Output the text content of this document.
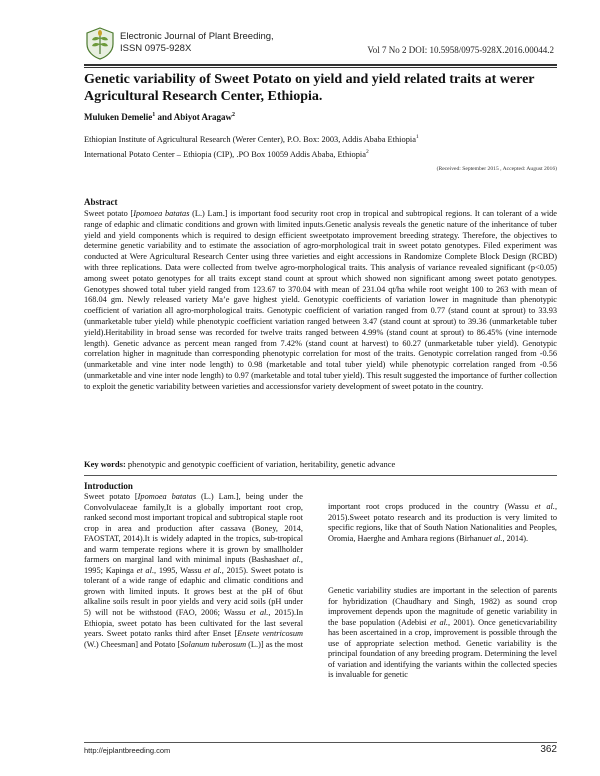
Electronic Journal of Plant Breeding,
ISSN 0975-928X	Vol 7 No 2 DOI: 10.5958/0975-928X.2016.00044.2
Genetic variability of Sweet Potato on yield and yield related traits at werer Agricultural Research Center, Ethiopia.
Muluken Demelie$^1$ and Abiyot Aragaw$^2$
Ethiopian Institute of Agricultural Research (Werer Center), P.O. Box: 2003, Addis Ababa Ethiopia$^1$
International Potato Center – Ethiopia (CIP), .PO Box 10059 Addis Ababa, Ethiopia$^2$
(Received: September 2015 , Accepted: August 2016)
Abstract

Sweet potato [Ipomoea batatas (L.) Lam.] is important food security root crop in tropical and subtropical regions. It can tolerant of a wide range of edaphic and climatic conditions and grown with limited inputs.Genetic analysis reveals the genetic nature of the inheritance of tuber yield and yield components which is required to design efficient sweetpotato improvement breeding strategy. Therefore, the objectives to determine genetic variability and to estimate the association of agro-morphological trait in sweet potato genotypes. Filed experiment was conducted at Were Agricultural Research Center using three varieties and eight accessions in Randomize Complete Block Design (RCBD) with three replications. Data were collected from twelve agro-morphological traits. This analysis of variance revealed significant (p<0.05) among sweet potato genotypes for all traits except stand count at sprout which showed non significant among sweet potato genotypes. Genotypes showed total tuber yield ranged from 123.67 to 370.04 with mean of 231.04 qt/ha while root weight 100 to 263 with mean of 168.04 gm. Newly released variety Ma’e gave highest yield. Genotypic coefficients of variation lower in magnitude than phenotypic coefficient of variation all agro-morphological traits. Genotypic coefficient of variation ranged from 0.77 (stand count at sprout) to 33.93 (unmarketable tuber yield) while phenotypic coefficient variation ranged between 3.47 (stand count at sprout) to 39.36 (unmarketable tuber yield).Heritability in broad sense was recorded for twelve traits ranged between 4.99% (stand count at sprout) to 86.45% (vine internode length). Genetic advance as percent mean ranged from 7.42% (stand count at harvest) to 60.27 (unmarketable tuber yield). Genotypic correlation higher in magnitude than corresponding phenotypic correlation for most of the traits. Genotypic correlation ranged from -0.56 (unmarketable and vine inter node length) to 0.98 (marketable and total tuber yield) while phenotypic correlation ranged from -0.56 (unmarketable and vine inter node length) to 0.97 (marketable and total tuber yield). This result suggested the importance of further collection to exploit the genetic variability between varieties and accessionsfor variety development of sweet potato in the country.

Key words: phenotypic and genotypic coefficient of variation, heritability, genetic advance
Introduction

Sweet potato [Ipomoea batatas (L.) Lam.], being under the Convolvulaceae family,It is a globally important root crop, ranked second most important tropical and subtropical staple root crop in area and production after cassava (Boney, 2014, FAOSTAT, 2014).It is widely adapted in the tropics, sub-tropical and warm temperate regions where it is grown by smallholder farmers on marginal land with minimal inputs (Bashashaet al., 1995; Kapinga et al., 1995, Wassu et al., 2015). Sweet potato is tolerant of a wide range of edaphic and climatic conditions and grown with limited inputs. It grows best at the pH of 6but alkaline soils result in poor yields and very acid soils (pH under 5) will not be withstood (FAO, 2006; Wassu et al., 2015).In Ethiopia, sweet potato has been cultivated for the last several years. Sweet potato ranks third after Enset [Ensete ventricosum (W.) Cheesman] and Potato [Solanum tuberosum (L.)] as the most

important root crops produced in the country (Wassu et al., 2015).Sweet potato research and its production is very limited to specific regions, like that of South Nation Nationalities and Peoples, Oromia, Haerghe and Amhara regions (Birhanuet al., 2014).

Genetic variability studies are important in the selection of parents for hybridization (Chaudhary and Singh, 1982) as sound crop improvement depends upon the magnitude of genetic variability in the base population (Adebisi et al., 2001). Once geneticvariability has been ascertained in a crop, improvement is possible through the use of appropriate selection method. Genetic variability is the principal foundation of any breeding program. Determining the level of variation and identifying the variants within the collected species is invaluable for genetic

http://ejplantbreeding.com	362
